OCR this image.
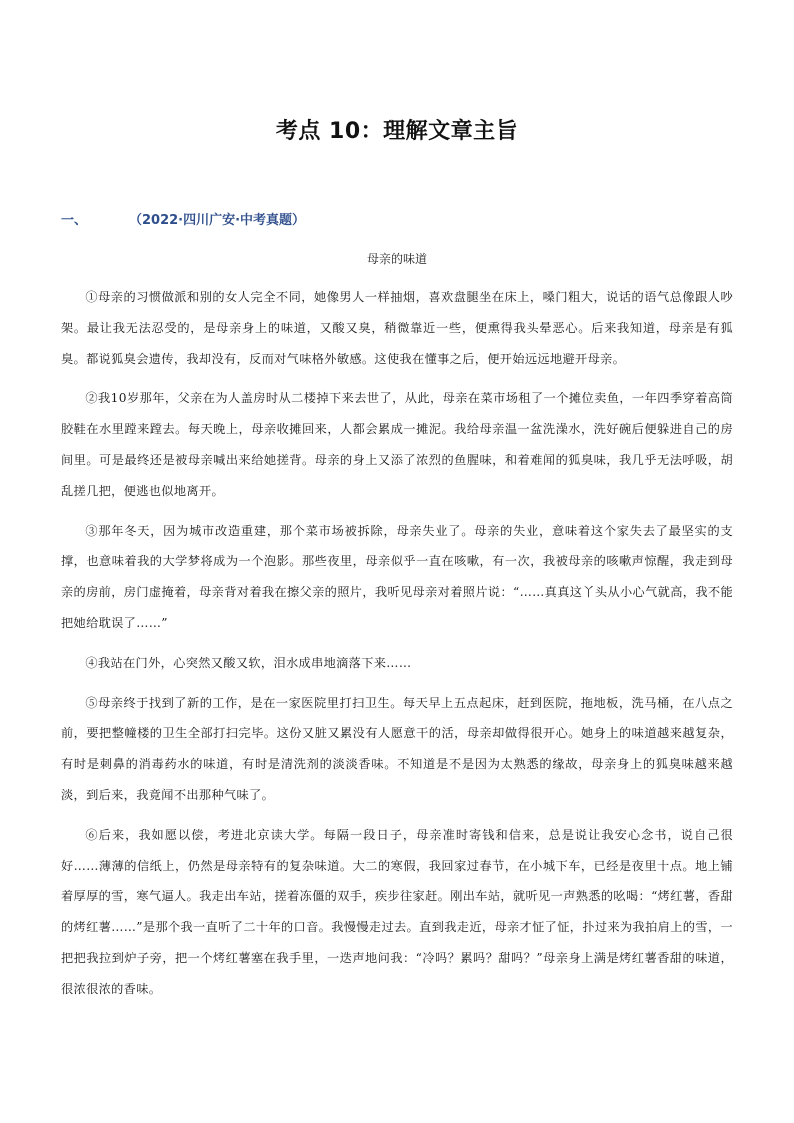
考点 10：理解文章主旨
一、	（2022·四川广安·中考真题）
母亲的味道

①母亲的习惯做派和别的女人完全不同，她像男人一样抽烟，喜欢盘腿坐在床上，嗓门粗大，说话的语气总像跟人吵架。最让我无法忍受的，是母亲身上的味道，又酸又臭，稍微靠近一些，便熏得我头晕恶心。后来我知道，母亲是有狐臭。都说狐臭会遗传，我却没有，反而对气味格外敏感。这使我在懂事之后，便开始远远地避开母亲。

②我10岁那年，父亲在为人盖房时从二楼掉下来去世了，从此，母亲在菜市场租了一个摊位卖鱼，一年四季穿着高筒胶鞋在水里蹚来蹚去。每天晚上，母亲收摊回来，人都会累成一摊泥。我给母亲温一盆洗澡水，洗好碗后便躲进自己的房间里。可是最终还是被母亲喊出来给她搓背。母亲的身上又添了浓烈的鱼腥味，和着难闻的狐臭味，我几乎无法呼吸，胡乱搓几把，便逃也似地离开。

③那年冬天，因为城市改造重建，那个菜市场被拆除，母亲失业了。母亲的失业，意味着这个家失去了最坚实的支撑，也意味着我的大学梦将成为一个泡影。那些夜里，母亲似乎一直在咳嗽，有一次，我被母亲的咳嗽声惊醒，我走到母亲的房前，房门虚掩着，母亲背对着我在擦父亲的照片，我听见母亲对着照片说：“……真真这丫头从小心气就高，我不能把她给耽误了……”

④我站在门外，心突然又酸又软，泪水成串地滴落下来……

⑤母亲终于找到了新的工作，是在一家医院里打扫卫生。每天早上五点起床，赶到医院，拖地板，洗马桶，在八点之前，要把整幢楼的卫生全部打扫完毕。这份又脏又累没有人愿意干的活，母亲却做得很开心。她身上的味道越来越复杂，有时是刺鼻的消毒药水的味道，有时是清洗剂的淡淡香味。不知道是不是因为太熟悉的缘故，母亲身上的狐臭味越来越淡，到后来，我竟闻不出那种气味了。

⑥后来，我如愿以偿，考进北京读大学。每隔一段日子，母亲准时寄钱和信来，总是说让我安心念书，说自己很好……薄薄的信纸上，仍然是母亲特有的复杂味道。大二的寒假，我回家过春节，在小城下车，已经是夜里十点。地上铺着厚厚的雪，寒气逼人。我走出车站，搓着冻僵的双手，疾步往家赶。刚出车站，就听见一声熟悉的吆喝：“烤红薯，香甜的烤红薯……”是那个我一直听了二十年的口音。我慢慢走过去。直到我走近，母亲才怔了怔，扑过来为我拍肩上的雪，一把把我拉到炉子旁，把一个烤红薯塞在我手里，一迭声地问我：“冷吗？累吗？甜吗？”母亲身上满是烤红薯香甜的味道，很浓很浓的香味。
